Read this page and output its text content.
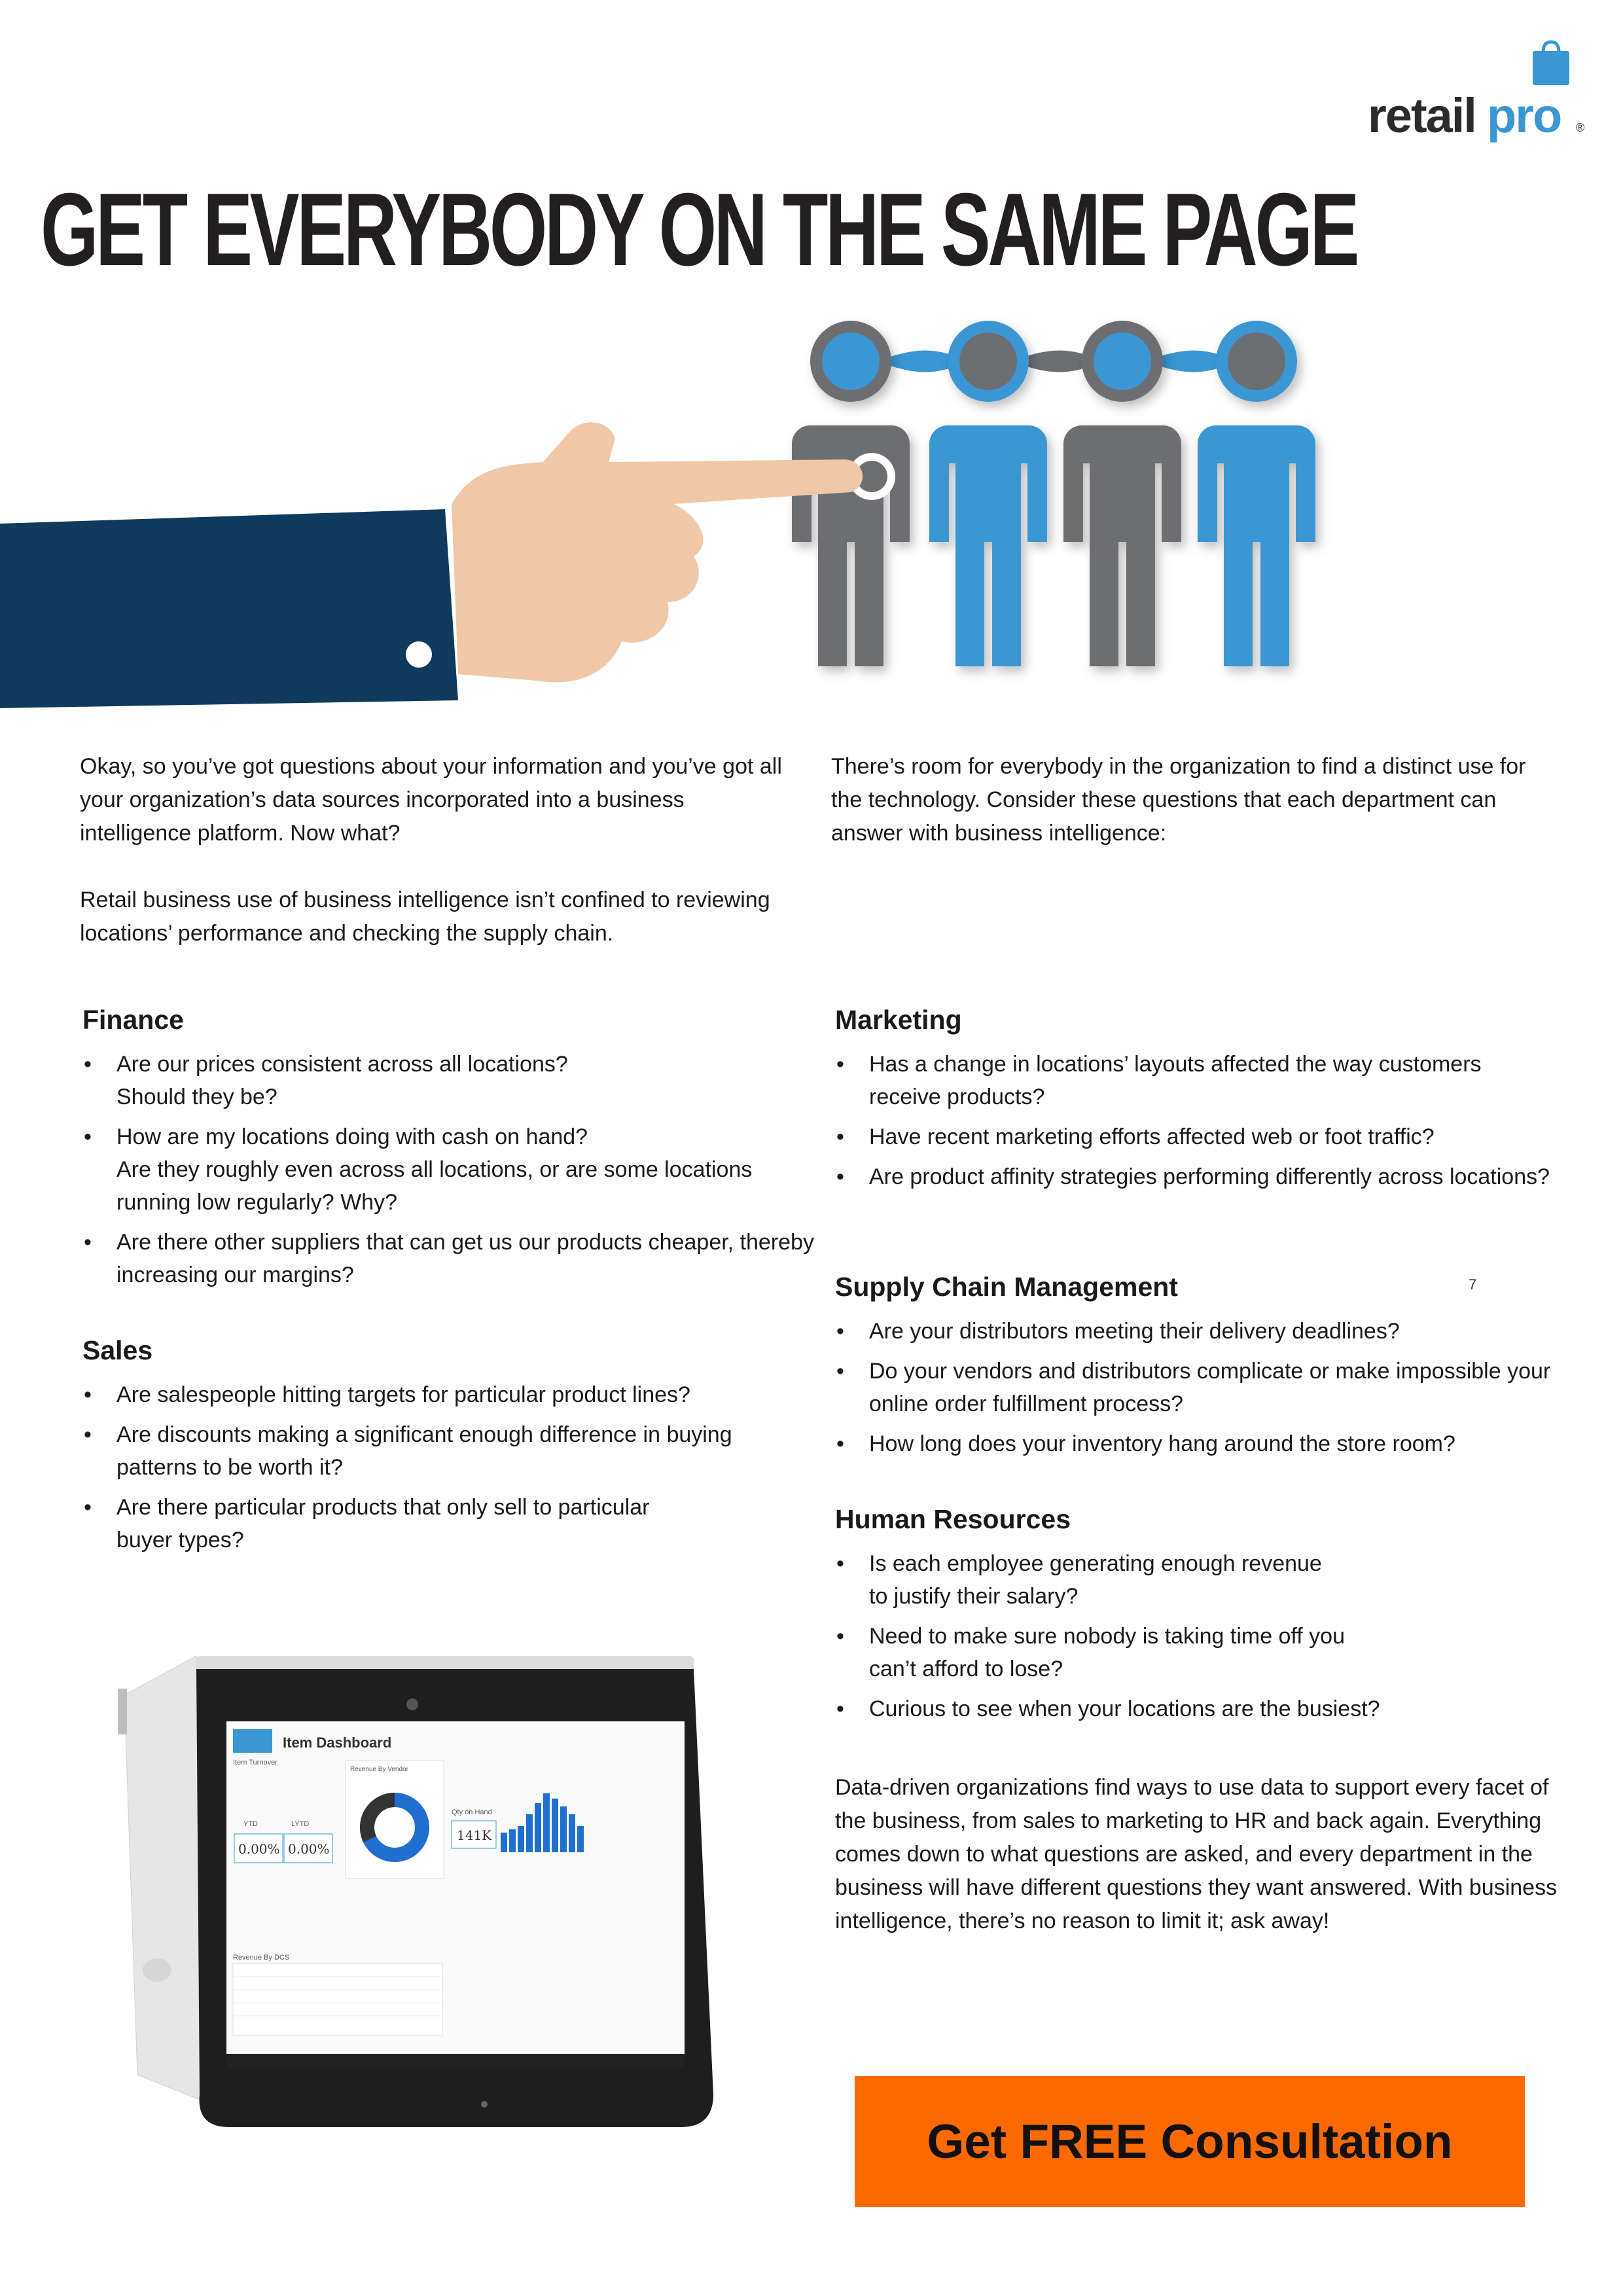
retail pro ®
GET EVERYBODY ON THE SAME PAGE
Okay, so you’ve got questions about your information and you’ve got all your organization’s data sources incorporated into a business intelligence platform. Now what?
Retail business use of business intelligence isn’t confined to reviewing locations’ performance and checking the supply chain.
There’s room for everybody in the organization to find a distinct use for the technology. Consider these questions that each department can answer with business intelligence:
Finance
• Are our prices consistent across all locations?
Should they be?
• How are my locations doing with cash on hand?
Are they roughly even across all locations, or are some locations running low regularly? Why?
• Are there other suppliers that can get us our products cheaper, thereby increasing our margins?
Sales
• Are salespeople hitting targets for particular product lines?
• Are discounts making a significant enough difference in buying patterns to be worth it?
• Are there particular products that only sell to particular
buyer types?
Marketing
• Has a change in locations’ layouts affected the way customers receive products?
• Have recent marketing efforts affected web or foot traffic?
• Are product affinity strategies performing differently across locations?
7
Supply Chain Management
• Are your distributors meeting their delivery deadlines?
• Do your vendors and distributors complicate or make impossible your online order fulfillment process?
• How long does your inventory hang around the store room?
Human Resources
• Is each employee generating enough revenue
to justify their salary?
• Need to make sure nobody is taking time off you
can’t afford to lose?
• Curious to see when your locations are the busiest?
Data-driven organizations find ways to use data to support every facet of the business, from sales to marketing to HR and back again. Everything comes down to what questions are asked, and every department in the business will have different questions they want answered. With business intelligence, there’s no reason to limit it; ask away!
Item Dashboard
Item Turnover
YTD	LYTD
0.00% 0.00%
Revenue By Vendor
Qty on Hand
141K
Revenue By DCS
Get FREE Consultation
